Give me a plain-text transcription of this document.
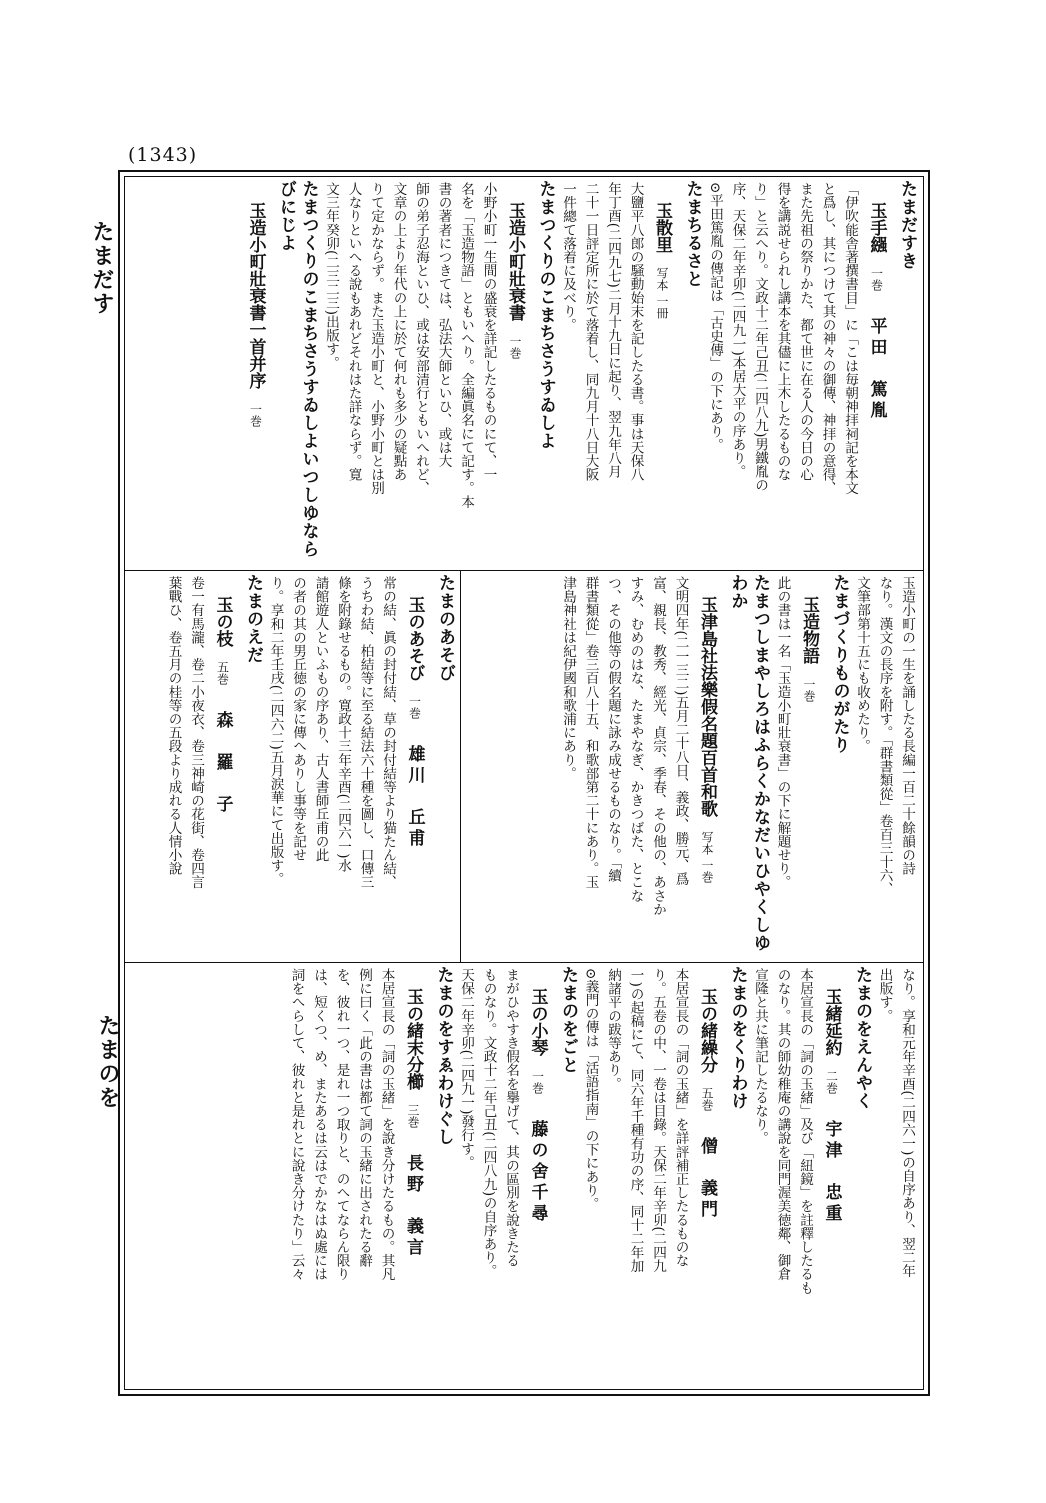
(1343)
たまだす
たまのを
たまだすき
玉手繦一巻平田　篤胤
「伊吹能舎著撰書目」に「こは毎朝神拝祠記を本文
と爲し、其につけて其の神々の御傳、神拝の意得、
また先祖の祭りかた、都て世に在る人の今日の心
得を講説せられし講本を其儘に上木したるものな
り」と云へり。文政十二年己丑(二四八九)男鐵胤の
序、天保二年辛卯(二四九一)本居大平の序あり。
⊙平田篤胤の傳記は「古史傳」の下にあり。
たまちるさと
玉散里写本 一冊
大鹽平八郎の騒動始末を記したる書。事は天保八
年丁酉(二四九七)二月十九日に起り、翌九年八月
二十一日評定所に於て落着し、同九月十八日大阪
一件總て落着に及べり。
たまつくりのこまちさうすゐしよ
玉造小町壯衰書一巻
小野小町一生間の盛衰を詳記したるものにて、一
名を「玉造物語」ともいへり。全編眞名にて記す。本
書の著者につきては、弘法大師といひ、或は大
師の弟子忍海といひ、或は安部清行ともいへれど、
文章の上より年代の上に於て何れも多少の疑點あ
りて定かならず。また玉造小町と、小野小町とは別
人なりといへる說もあれどそれはた詳ならず。寛
文三年癸卯(二三二三)出版す。
たまつくりのこまちさうすゐしよいつしゆならびにじよ
玉造小町壯衰書一首并序一巻
玉造小町の一生を誦したる長編一百二十餘韻の詩
なり。漢文の長序を附す。「群書類從」卷百三十六、
文筆部第十五にも收めたり。
たまづくりものがたり
玉造物語一巻
此の書は一名「玉造小町壯衰書」の下に解題せり。
たまつしまやしろはふらくかなだいひやくしゆわか
玉津島社法樂假名題百首和歌写本 一巻
文明四年(二一三二)五月二十八日、義政、勝元、爲
富、親長、教秀、經光、貞宗、季春、その他の、あさか
すみ、むめのはな、たまやなぎ、かきつばた、とこな
つ、その他等の假名題に詠み成せるものなり。「續
群書類從」卷三百八十五、和歌部第二十にあり。玉
津島神社は紀伊國和歌浦にあり。
たまのあそび
玉のあそび一巻雄川　丘甫
常の結、眞の封付結、草の封付結等より猫たん結、
うちわ結、柏結等に至る結法六十種を圖し、口傳三
條を附錄せるもの。寛政十三年辛酉(二四六一)水
請館遊人といふもの序あり、古人書師丘甫の此
の者の其の男丘徳の家に傳へありし事等を記せ
り。享和二年壬戌(二四六二)五月涙華にて出版す。
たまのえだ
玉の枝五巻森　羅　子
卷一有馬瀧、卷二小夜衣、卷三神崎の花街、卷四言
葉戰ひ、卷五月の桂等の五段より成れる人情小說
なり。享和元年辛酉(二四六一)の自序あり、翌二年
出版す。
たまのをえんやく
玉緒延約二巻宇津　忠重
本居宣長の「詞の玉緒」及び「紐鏡」を註釋したるも
のなり。其の師幼稚庵の講說を同門渥美徳鄰、御倉
宣隆と共に筆記したるなり。
たまのをくりわけ
玉の緒繰分五巻僧　義門
本居宣長の「詞の玉緒」を詳評補正したるものな
り。五卷の中、一卷は目錄。天保二年辛卯(二四九
一)の起稿にて、同六年千種有功の序、同十二年加
納諸平の跋等あり。
⊙義門の傳は「活語指南」の下にあり。
たまのをごと
玉の小琴一巻藤の舍千尋
まがひやすき假名を擧げて、其の區別を說きたる
ものなり。文政十二年己丑(二四八九)の自序あり。
天保二年辛卯(二四九一)發行す。
たまのをすゑわけぐし
玉の緒末分櫛三巻長野　義言
本居宣長の「詞の玉緒」を說き分けたるもの。其凡
例に曰く「此の書は都て詞の玉緒に出されたる辭
を、彼れ一つ、是れ一つ取りと、のへてならん限り
は、短くつ、め、またあるは云はでかなはぬ處には
詞をへらして、彼れと是れとに說き分けたり」云々
